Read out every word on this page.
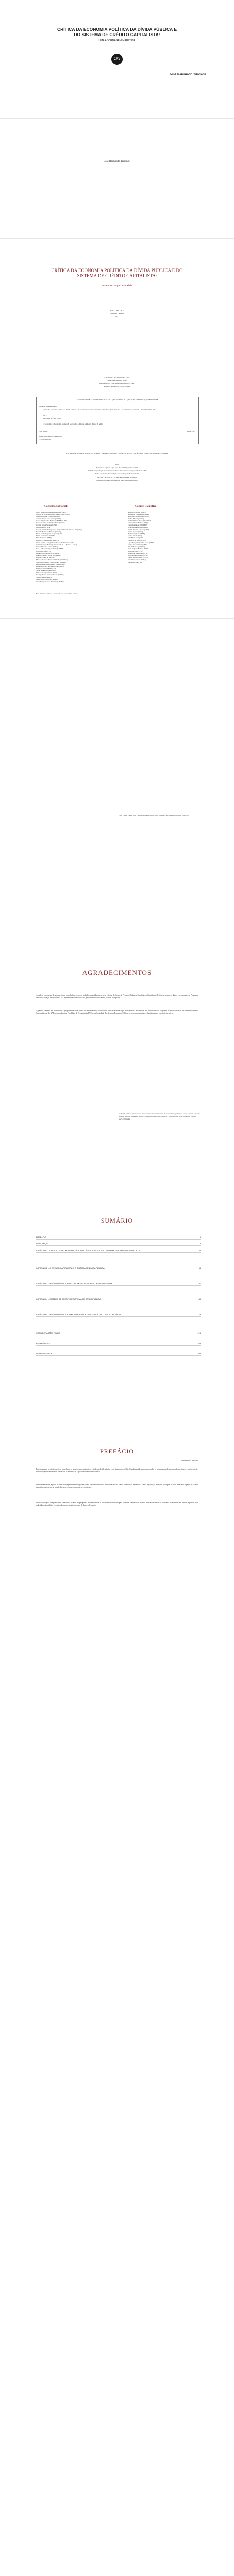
CRÍTICA DA ECONOMIA POLÍTICA DA DÍVIDA PÚBLICA E DO SISTEMA DE CRÉDITO CAPITALISTA:
UMA ABORDAGEM MARXISTA
CRV
José Raimundo Trindade
José Raimundo Trindade
CRÍTICA DA ECONOMIA POLÍTICA DA DÍVIDA PÚBLICA E DO SISTEMA DE CRÉDITO CAPITALISTA:
uma abordagem marxista
EDITORA CRV
Curitiba – Brasil
2017
Copyright © da Editora CRV Ltda.
Editor-chefe: Railson Moura
Diagramação e Capa: Designers da Editora CRV
Revisão: Analista de Escrita e Artes
DADOS INTERNACIONAIS DE CATALOGAÇÃO NA PUBLICAÇÃO (CIP) CATALOGAÇÃO NA FONTE
Trindade, José Raimundo
Crítica da economia política da dívida pública e do sistema de crédito capitalista: uma abordagem marxista / José Raimundo Trindade – Curitiba : CRV, 2017.
236 p.
ISBN 978-85-444-1701-9
1. Economia 2. Economia política 3. Marxismo 4. Dívida pública I. Título II. Série
CDU 336.27	CDD 336.3
Índice para catálogo sistemático
1. Economia 330
ESTA OBRA TAMBÉM SE ENCONTRA EM FORMATO DIGITAL. CONHEÇA NOSSO CATÁLOGO: WWW.EDITORACRV.COM.BR
2017
Foi feito o depósito legal conf. Lei 10.994 de 14/12/2004
Proibida a reprodução parcial ou total desta obra sem autorização da Editora CRV
Todos os direitos desta edição reservados pela: Editora CRV
Tel.: (41) 3039-6418 – E-mail: sac@editoracrv.com.br
Conheça os nossos lançamentos: www.editoracrv.com.br
Conselho Editorial:	Comitê Científico:
Aldira Guimarães Duarte Domínguez (UNB)
Andréia da Silva Quintanilha Sousa (UNIR/UFRN)
Anselmo Alencar Colares (UFOPA)
Antônio Pereira Gaio Júnior (UFRRJ)
Carlos Alberto Vilar Estêvão (UMINHO – PT)
Carlos Federico Domínguez Avila (Unieuro)
Carmen Tereza Velanga (UNIR)
Celso Conti (UFSCar)
Cesar Gerónimo Tello (Univer. Nacional Três de Febrero – Argentina)
Eduardo Fernandes Barbosa (UFMG)
Elione Maria Nogueira Diogenes (UFAL)
Elizeu Clementino (UNEB)
Élsio José Corá (UFFS)
Francisco Carlos Duarte (PUC-PR)
Gloria Fariñas León (Universidade de La Havana – Cuba)
Guillermo Arias Beatón (Universidade de La Havana – Cuba)
Jailson Alves dos Santos (UFRJ)
João Adalberto Campato Junior (UNESP)
Josania Portela (UFPI)
Leonel Severo Rocha (UNISINOS)
Lídia de Oliveira Xavier (UNIEURO)
Lourdes Helena da Silva (UFV)
Maria de Lourdes Pinto de Almeida (UNOESC)
Maria Lília Imbiriba Sousa Colares (UFOPA)
Paulo Romualdo Hernandes (UNIFAL-MG)
Renato Francisco dos Santos Paula (UFG)
Rodrigo Pratte-Santos (UFES)
Sérgio Nunes de Jesus (IFRO)
Simone Rodrigues Pinto (UNB)
Solange Helena Ximenes-Rocha (UFOPA)
Sydione Santos (UEPG)
Tadeu Oliver Gonçalves (UFPA)
Tania Suely Azevedo Brasileiro (UFOPA)
Adalberto Cardoso (UERJ)
Adriana da Fonseca Reis (UFRJ)
Alessandro Biazzi Couto (FGV)
Andrea Zhouri (UFMG)
Andréia Ribeiro Ayres (FIOCRUZ)
Carlos Alberto Barbosa (USP)
Cassio Fernandes (UNIFESP)
Delma Pessanha Neves (UFF)
Evaldo Baptista Macedo (UFRJ)
Fátima Pereira (UFRJ)
Helder Pantaleão (UFRB)
Idemar Vizolli (UFT)
Julia Maria Dias (UFT)
Leonardo de Mello (UFRJ)
Lígia Margarida da Silva Cocco (UFRJ)
Maria Lúcia Refinetti (USP)
Nilson Moraes (UNIRIO)
Paulo Augusto Barbosa (UFRJ)
Ricardo Pavan (UFPA)
Rômulo do Valle Pinto (UFRJ)
Silvio Romero Pereira (UFPA)
Thiago Augusto Kurtz (UFRJ)
Vera Lúcia Tavares (UFRJ)
Wagner de Souza (UFV)
Este livro foi avaliado e aprovado por pareceristas ad hoc.
Para Tânia, Lucas, Ivan e Yuri e para Pedro Lourenço Trindade, que nasceu junto com este livro.
AGRADECIMENTOS
Agradeço a todos que de alguma forma contribuíram com este trabalho, especialmente a meus colegas do Grupo de Pesquisa Dinâmica Econômica e Capitalismo Periférico, aos meus alunos e orientandos do Programa de Pós-Graduação em Economia da Universidade Federal do Pará, pelas frutíferas discussões, críticas e sugestões.
Agradeço também aos professores e pesquisadores que, direta ou indiretamente, colaboraram com as reflexões aqui apresentadas, em especial aos professores do Programa de Pós-Graduação em Desenvolvimento Socioambiental do NAEA, aos colegas da Faculdade de Economia da UFPA e da Sociedade Brasileira de Economia Política, bem como aos amigos e familiares pelo constante incentivo.
"A dívida pública se torna uma das mais poderosas alavancas da acumulação primitiva. Como com um toque de varinha mágica, ela dota o dinheiro improdutivo de força criadora e o transforma, desse modo, em capital." Marx, O Capital
SUMÁRIO
PREFÁCIO	9
INTRODUÇÃO	15
CAPÍTULO 1 – CRÍTICA DA ECONOMIA POLÍTICA DA DÍVIDA PÚBLICA E DO SISTEMA DE CRÉDITO CAPITALISTA	25
CAPÍTULO 2 – O ESTADO CAPITALISTA E O SISTEMA DE DÍVIDA PÚBLICA	63
CAPÍTULO 3 – A DÍVIDA PÚBLICA NA ECONOMIA CLÁSSICA E A CRÍTICA DE MARX	101
CAPÍTULO 4 – SISTEMA DE CRÉDITO E SISTEMA DE DÍVIDA PÚBLICA	135
CAPÍTULO 5 – A DÍVIDA PÚBLICA E O MOVIMENTO DE CIRCULAÇÃO DO CAPITAL FICTÍCIO	173
CONSIDERAÇÕES FINAIS	213
REFERÊNCIAS	223
SOBRE O AUTOR	235
PREFÁCIO
Ana Marques Menezes
Em um grande território que tem como base os seus recursos naturais, o estudo da dívida pública e do sistema de crédito é fundamental para compreender os mecanismos de apropriação de riqueza e as formas de subordinação das economias periféricas à dinâmica do capital financeiro internacional.
O autor demonstra, a partir de uma abordagem marxista rigorosa, como o sistema da dívida pública se articula com a acumulação de capital e com a reprodução ampliada do capital fictício, revelando o papel do Estado na gestão das crises e na transferência de recursos para os setores rentistas.
O livro que agora chega ao leitor é resultado de anos de pesquisa e reflexão crítica, e certamente contribuirá para o debate acadêmico e político acerca dos rumos da economia brasileira e dos limites impostos pelo endividamento público à construção de um projeto nacional de desenvolvimento.
